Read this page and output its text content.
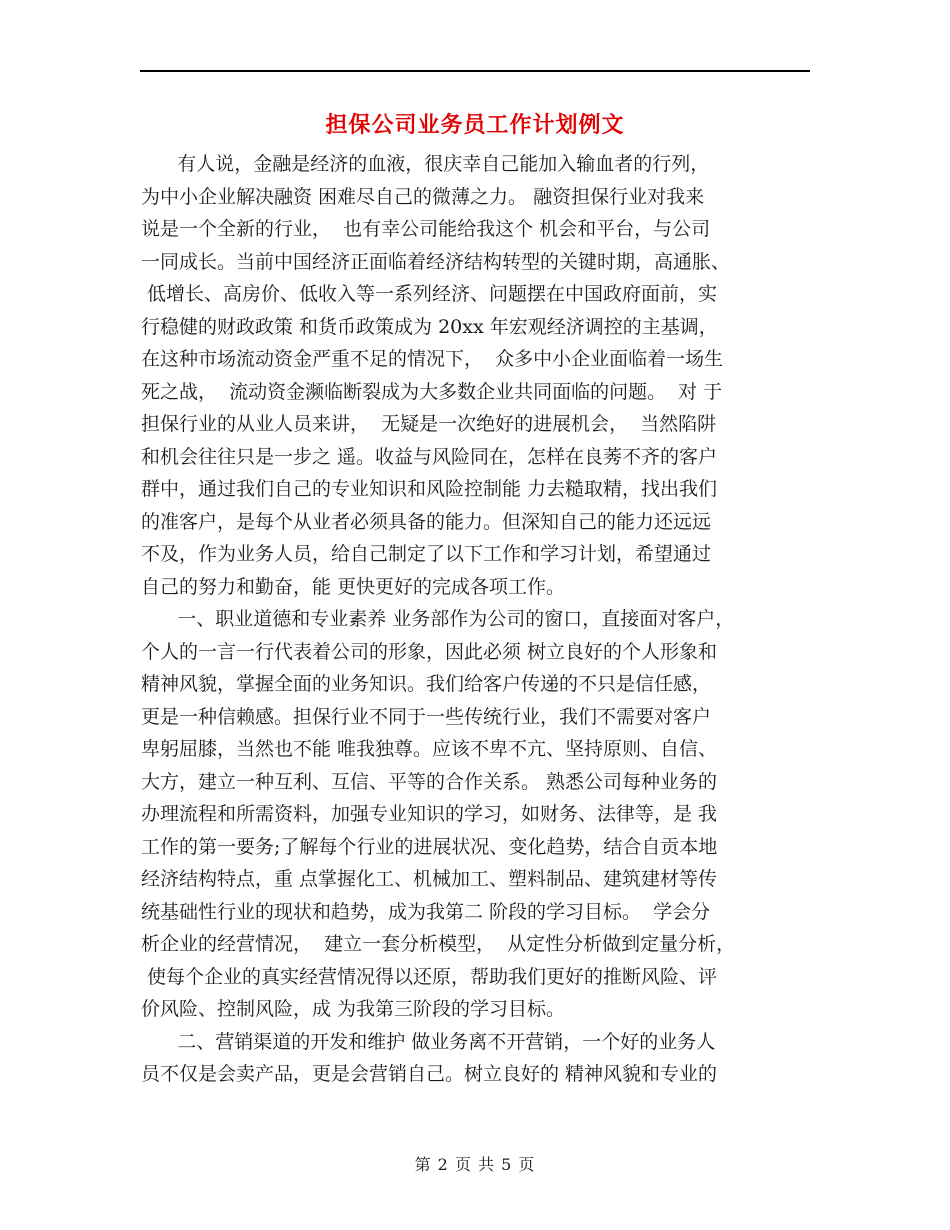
担保公司业务员工作计划例文
有人说，金融是经济的血液，很庆幸自己能加入输血者的行列，
为中小企业解决融资 困难尽自己的微薄之力。 融资担保行业对我来
说是一个全新的行业，  也有幸公司能给我这个 机会和平台，与公司
一同成长。当前中国经济正面临着经济结构转型的关键时期，高通胀、
低增长、高房价、低收入等一系列经济、问题摆在中国政府面前，实
行稳健的财政政策 和货币政策成为 20xx 年宏观经济调控的主基调，
在这种市场流动资金严重不足的情况下，  众多中小企业面临着一场生
死之战，  流动资金濒临断裂成为大多数企业共同面临的问题。  对 于
担保行业的从业人员来讲，  无疑是一次绝好的进展机会，  当然陷阱
和机会往往只是一步之 遥。收益与风险同在，怎样在良莠不齐的客户
群中，通过我们自己的专业知识和风险控制能 力去糙取精，找出我们
的准客户，是每个从业者必须具备的能力。但深知自己的能力还远远
不及，作为业务人员，给自己制定了以下工作和学习计划，希望通过
自己的努力和勤奋，能 更快更好的完成各项工作。
一、职业道德和专业素养 业务部作为公司的窗口，直接面对客户，
个人的一言一行代表着公司的形象，因此必须 树立良好的个人形象和
精神风貌，掌握全面的业务知识。我们给客户传递的不只是信任感，
更是一种信赖感。担保行业不同于一些传统行业，我们不需要对客户
卑躬屈膝，当然也不能 唯我独尊。应该不卑不亢、坚持原则、自信、
大方，建立一种互利、互信、平等的合作关系。 熟悉公司每种业务的
办理流程和所需资料，加强专业知识的学习，如财务、法律等，是 我
工作的第一要务;了解每个行业的进展状况、变化趋势，结合自贡本地
经济结构特点，重 点掌握化工、机械加工、塑料制品、建筑建材等传
统基础性行业的现状和趋势，成为我第二 阶段的学习目标。  学会分
析企业的经营情况，  建立一套分析模型，  从定性分析做到定量分析，
使每个企业的真实经营情况得以还原，帮助我们更好的推断风险、评
价风险、控制风险，成 为我第三阶段的学习目标。
二、营销渠道的开发和维护 做业务离不开营销，一个好的业务人
员不仅是会卖产品，更是会营销自己。树立良好的 精神风貌和专业的
第 2 页 共 5 页
